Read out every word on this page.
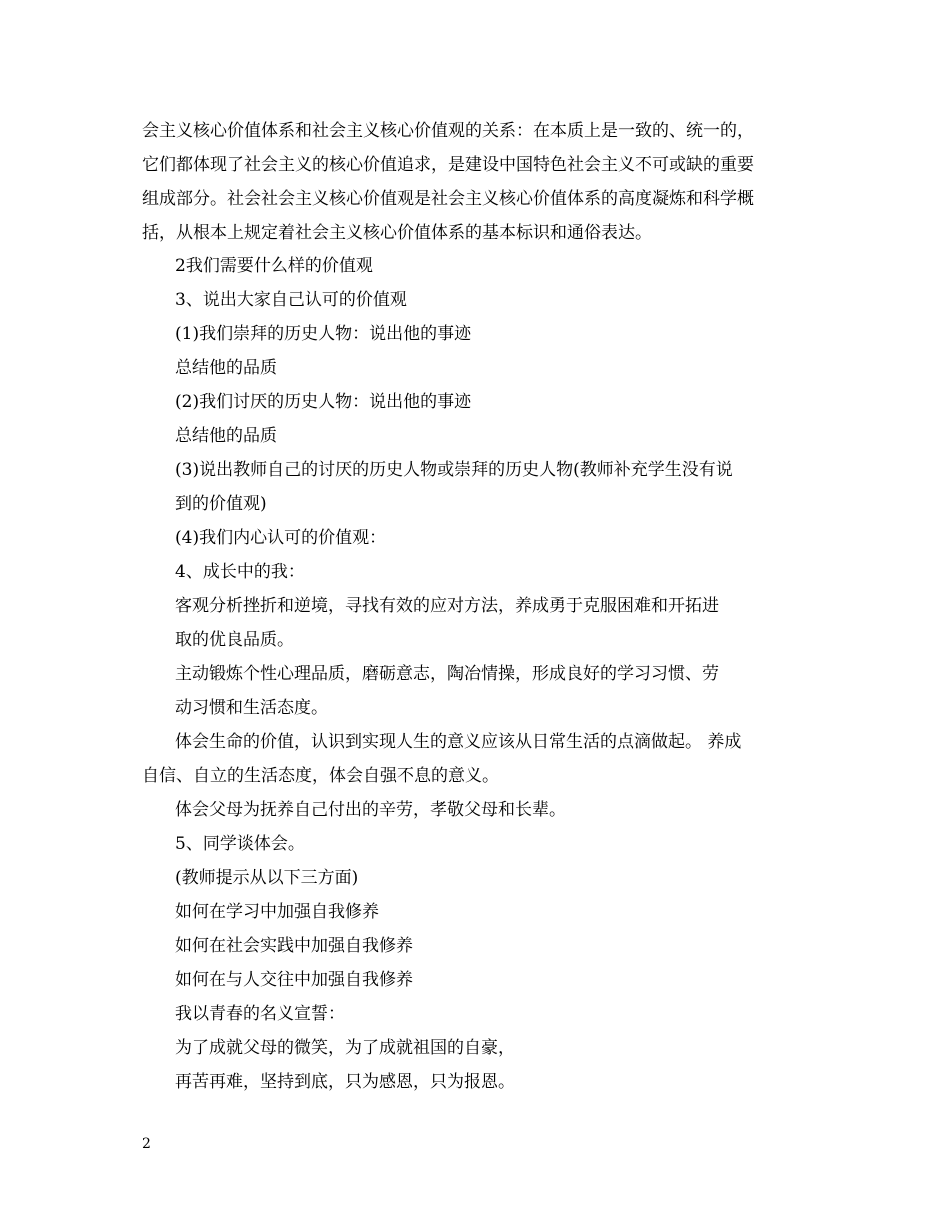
会主义核心价值体系和社会主义核心价值观的关系：在本质上是一致的、统一的，
它们都体现了社会主义的核心价值追求，是建设中国特色社会主义不可或缺的重要
组成部分。社会社会主义核心价值观是社会主义核心价值体系的高度凝炼和科学概
括，从根本上规定着社会主义核心价值体系的基本标识和通俗表达。
2我们需要什么样的价值观
3、说出大家自己认可的价值观
(1)我们崇拜的历史人物：说出他的事迹
总结他的品质
(2)我们讨厌的历史人物：说出他的事迹
总结他的品质
(3)说出教师自己的讨厌的历史人物或崇拜的历史人物(教师补充学生没有说
到的价值观)
(4)我们内心认可的价值观：
4、成长中的我：
客观分析挫折和逆境，寻找有效的应对方法，养成勇于克服困难和开拓进
取的优良品质。
主动锻炼个性心理品质，磨砺意志，陶冶情操，形成良好的学习习惯、劳
动习惯和生活态度。
体会生命的价值，认识到实现人生的意义应该从日常生活的点滴做起。 养成
自信、自立的生活态度，体会自强不息的意义。
体会父母为抚养自己付出的辛劳，孝敬父母和长辈。
5、同学谈体会。
(教师提示从以下三方面)
如何在学习中加强自我修养
如何在社会实践中加强自我修养
如何在与人交往中加强自我修养
我以青春的名义宣誓：
为了成就父母的微笑，为了成就祖国的自豪，
再苦再难，坚持到底，只为感恩，只为报恩。
2
